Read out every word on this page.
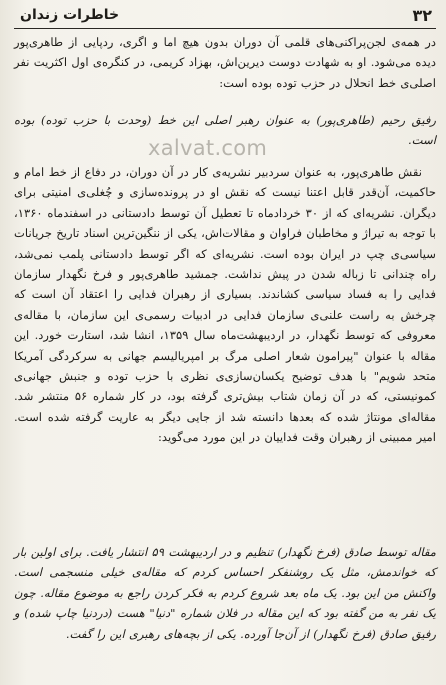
۳۲
خاطرات زندان

در همه‌ی لجن‌پراکنی‌های قلمی آن دوران بدون هیچ اما و اگری، ردپایی از طاهری‌پور دیده می‌شود. او به شهادت دوست دیرین‌اش، بهزاد کریمی، در کنگره‌ی اول اکثریت نفر اصلی‌ی خط انحلال در حزب توده بوده است:

رفیق رحیم (طاهری‌پور) به عنوان رهبر اصلی این خط (وحدت با حزب توده) بوده است.

xalvat.com

نقش طاهری‌پور، به عنوان سردبیر نشریه‌ی کار در آن دوران، در دفاع از خط امام و حاکمیت، آن‌قدر قابل اعتنا نیست که نقش او در پرونده‌سازی و چُغلی‌ی امنیتی برای دیگران. نشریه‌ای که از ۳۰ خردادماه تا تعطیل آن توسط دادستانی در اسفندماه ۱۳۶۰، با توجه به تیراژ و مخاطبان فراوان و مقالات‌اش، یکی از ننگین‌ترین اسناد تاریخ جریانات سیاسی‌ی چپ در ایران بوده است. نشریه‌ای که اگر توسط دادستانی پلمب نمی‌شد، راه چندانی تا زباله شدن در پیش نداشت. جمشید طاهری‌پور و فرخ نگهدار سازمان فدایی را به فساد سیاسی کشاندند. بسیاری از رهبران فدایی را اعتقاد آن است که چرخش به راست علنی‌ی سازمان فدایی در ادبیات رسمی‌ی این سازمان، با مقاله‌ی معروفی که توسط نگهدار، در اردیبهشت‌ماه سال ۱۳۵۹، انشا شد، استارت خورد. این مقاله با عنوان "پیرامون شعار اصلی مرگ بر امپریالیسم جهانی به سرکردگی آمریکا متحد شویم" با هدف توضیح یکسان‌سازی‌ی نظری با حزب توده و جنبش جهانی‌ی کمونیستی، که در آن زمان شتاب بیش‌تری گرفته بود، در کار شماره ۵۶ منتشر شد. مقاله‌ای مونتاژ شده که بعدها دانسته شد از جایی دیگر به عاریت گرفته شده است. امیر ممبینی از رهبران وقت فداییان در این مورد می‌گوید:

مقاله توسط صادق (فرخ نگهدار) تنظیم و در اردیبهشت ۵۹ انتشار یافت. برای اولین بار که خواندمش، مثل یک روشنفکر احساس کردم که مقاله‌ی خیلی منسجمی است. واکنش من این بود. یک ماه بعد شروع کردم به فکر کردن راجع به موضوع مقاله. چون یک نفر به من گفته بود که این مقاله در فلان شماره "دنیا" هست (دردنیا چاپ شده) و رفیق صادق (فرخ نگهدار) از آن‌جا آورده. یکی از بچه‌های رهبری این را گفت.
